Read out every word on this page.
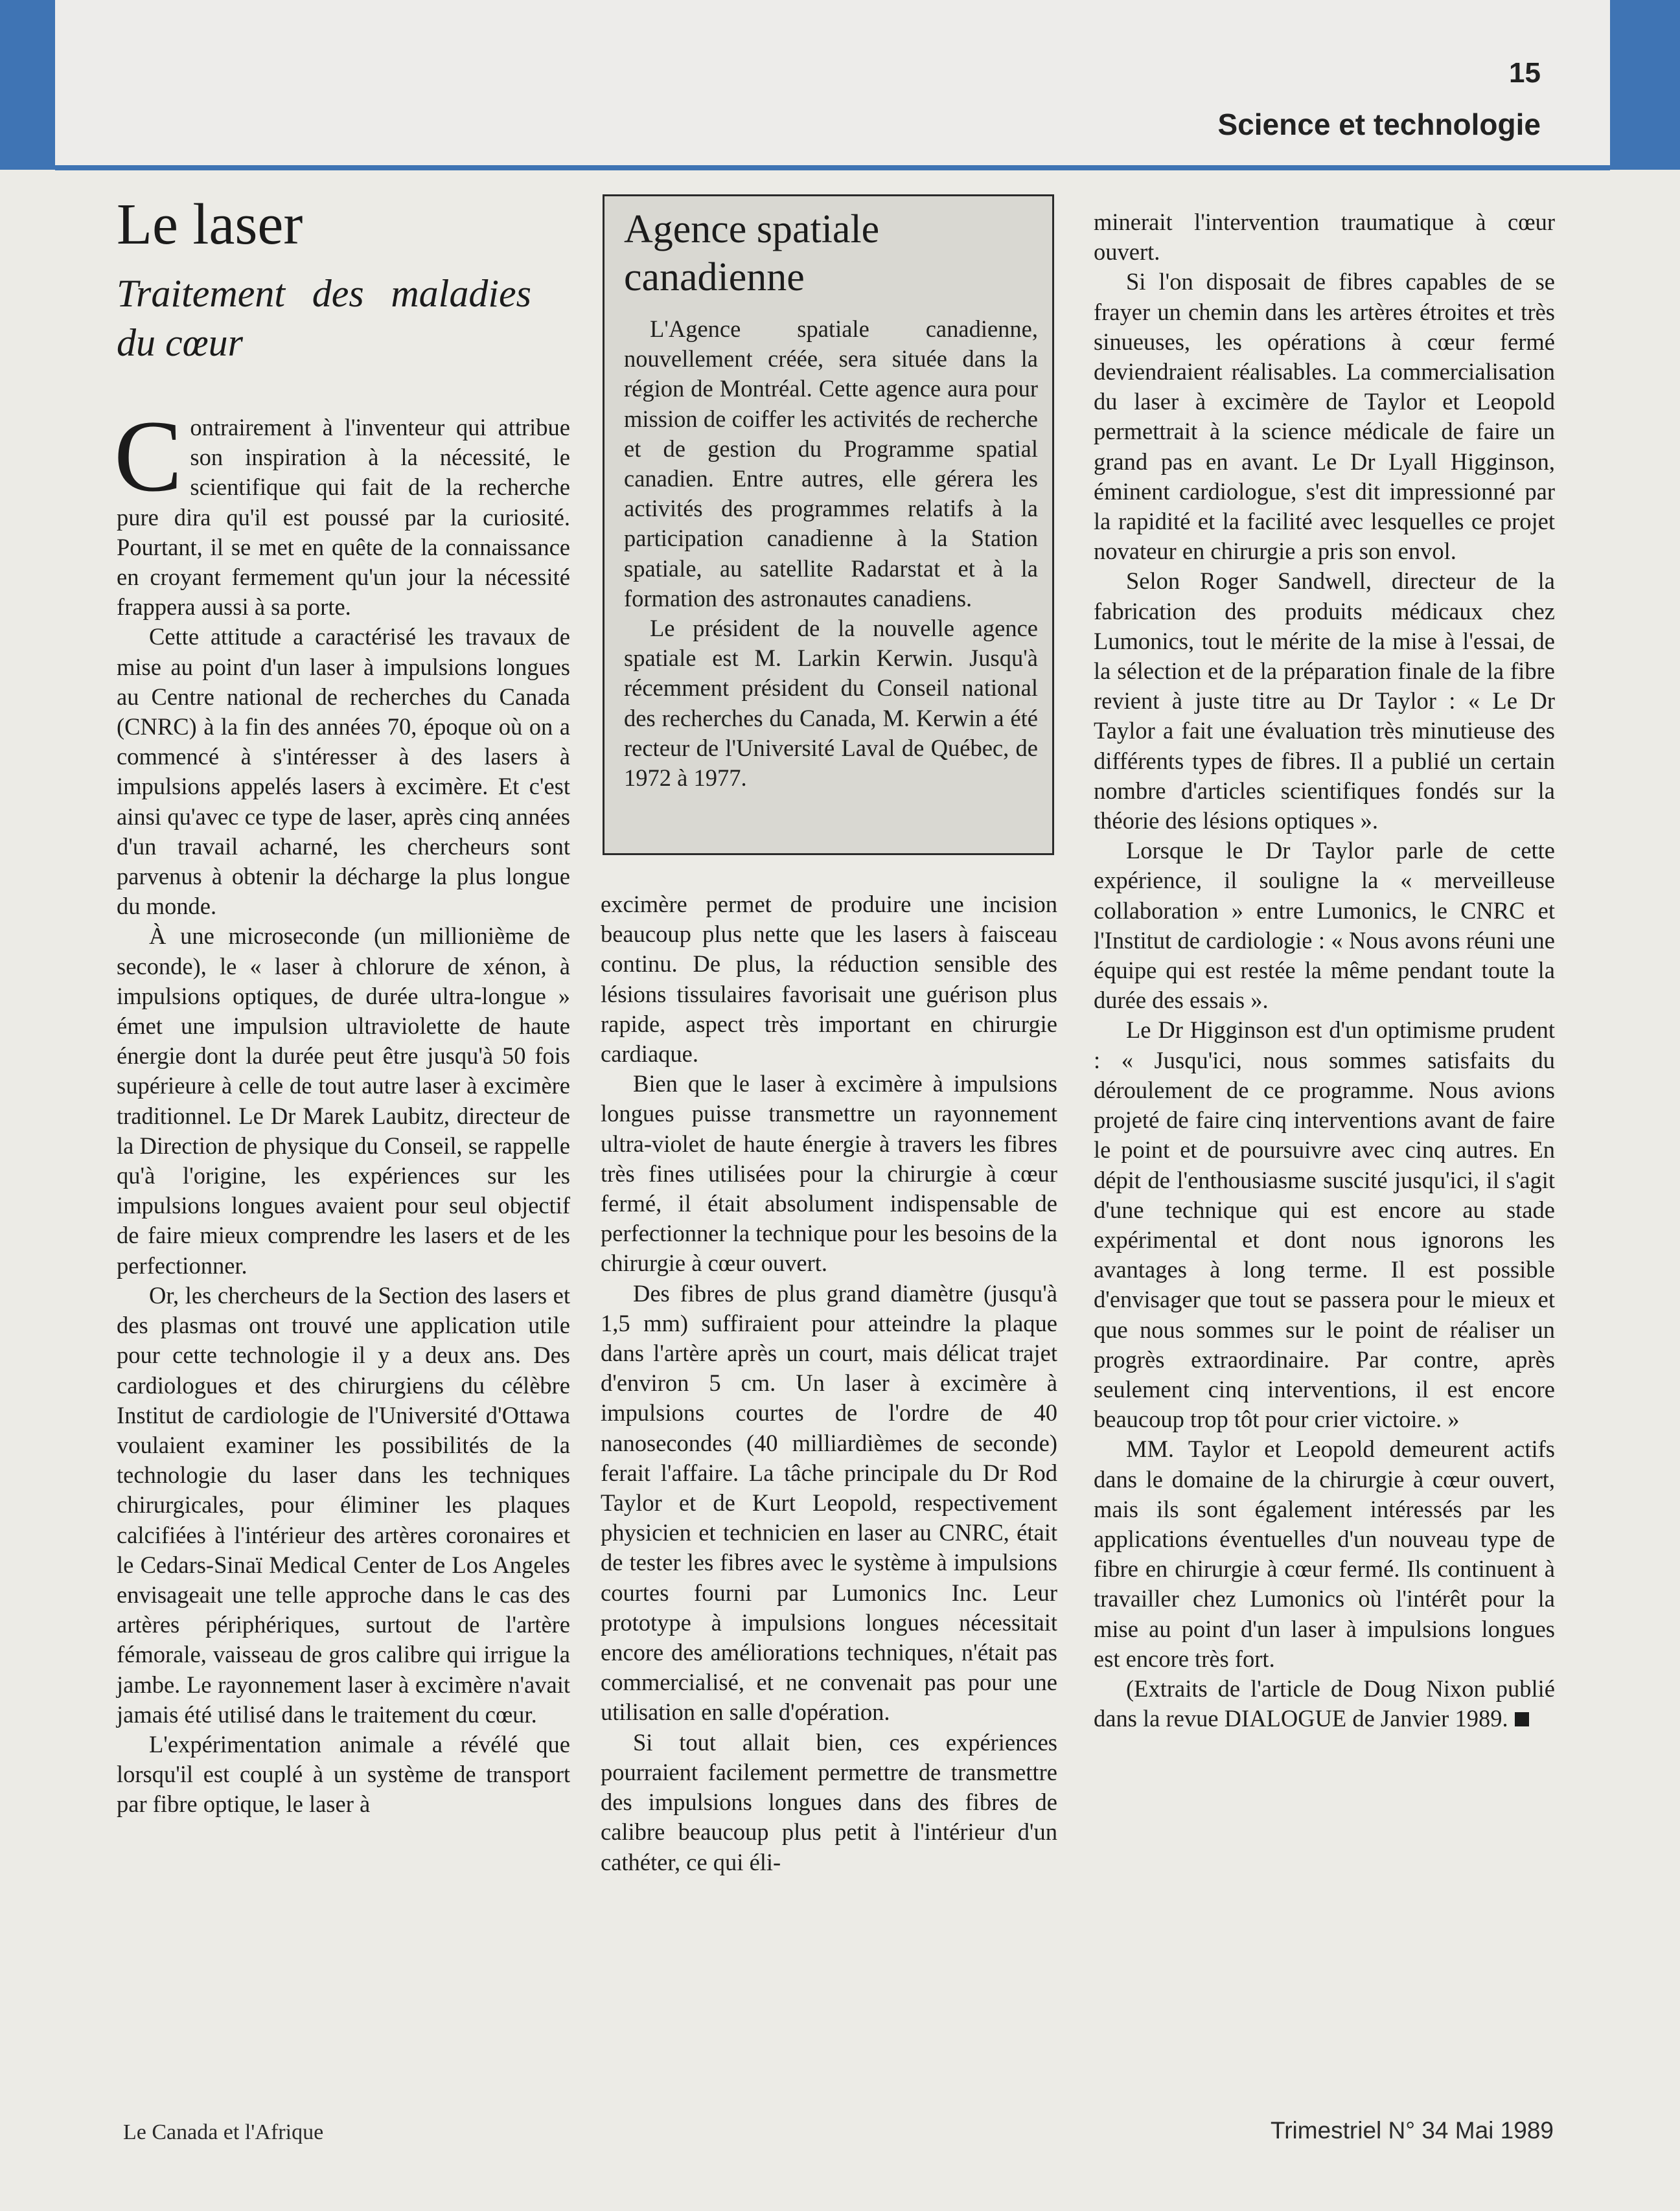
15
Science et technologie
Le laser
Traitement des maladies du cœur

Contrairement à l'inventeur qui attribue son inspiration à la nécessité, le scientifique qui fait de la recherche pure dira qu'il est poussé par la curiosité. Pourtant, il se met en quête de la connaissance en croyant fermement qu'un jour la nécessité frappera aussi à sa porte.

Cette attitude a caractérisé les travaux de mise au point d'un laser à impulsions longues au Centre national de recherches du Canada (CNRC) à la fin des années 70, époque où on a commencé à s'intéresser à des lasers à impulsions appelés lasers à excimère. Et c'est ainsi qu'avec ce type de laser, après cinq années d'un travail acharné, les chercheurs sont parvenus à obtenir la décharge la plus longue du monde.

À une microseconde (un millionième de seconde), le « laser à chlorure de xénon, à impulsions optiques, de durée ultra-longue » émet une impulsion ultraviolette de haute énergie dont la durée peut être jusqu'à 50 fois supérieure à celle de tout autre laser à excimère traditionnel. Le Dr Marek Laubitz, directeur de la Direction de physique du Conseil, se rappelle qu'à l'origine, les expériences sur les impulsions longues avaient pour seul objectif de faire mieux comprendre les lasers et de les perfectionner.

Or, les chercheurs de la Section des lasers et des plasmas ont trouvé une application utile pour cette technologie il y a deux ans. Des cardiologues et des chirurgiens du célèbre Institut de cardiologie de l'Université d'Ottawa voulaient examiner les possibilités de la technologie du laser dans les techniques chirurgicales, pour éliminer les plaques calcifiées à l'intérieur des artères coronaires et le Cedars-Sinaï Medical Center de Los Angeles envisageait une telle approche dans le cas des artères périphériques, surtout de l'artère fémorale, vaisseau de gros calibre qui irrigue la jambe. Le rayonnement laser à excimère n'avait jamais été utilisé dans le traitement du cœur.

L'expérimentation animale a révélé que lorsqu'il est couplé à un système de transport par fibre optique, le laser à

Agence spatiale canadienne

L'Agence spatiale canadienne, nouvellement créée, sera située dans la région de Montréal. Cette agence aura pour mission de coiffer les activités de recherche et de gestion du Programme spatial canadien. Entre autres, elle gérera les activités des programmes relatifs à la participation canadienne à la Station spatiale, au satellite Radarstat et à la formation des astronautes canadiens.

Le président de la nouvelle agence spatiale est M. Larkin Kerwin. Jusqu'à récemment président du Conseil national des recherches du Canada, M. Kerwin a été recteur de l'Université Laval de Québec, de 1972 à 1977.

excimère permet de produire une incision beaucoup plus nette que les lasers à faisceau continu. De plus, la réduction sensible des lésions tissulaires favorisait une guérison plus rapide, aspect très important en chirurgie cardiaque.

Bien que le laser à excimère à impulsions longues puisse transmettre un rayonnement ultra-violet de haute énergie à travers les fibres très fines utilisées pour la chirurgie à cœur fermé, il était absolument indispensable de perfectionner la technique pour les besoins de la chirurgie à cœur ouvert.

Des fibres de plus grand diamètre (jusqu'à 1,5 mm) suffiraient pour atteindre la plaque dans l'artère après un court, mais délicat trajet d'environ 5 cm. Un laser à excimère à impulsions courtes de l'ordre de 40 nanosecondes (40 milliardièmes de seconde) ferait l'affaire. La tâche principale du Dr Rod Taylor et de Kurt Leopold, respectivement physicien et technicien en laser au CNRC, était de tester les fibres avec le système à impulsions courtes fourni par Lumonics Inc. Leur prototype à impulsions longues nécessitait encore des améliorations techniques, n'était pas commercialisé, et ne convenait pas pour une utilisation en salle d'opération.

Si tout allait bien, ces expériences pourraient facilement permettre de transmettre des impulsions longues dans des fibres de calibre beaucoup plus petit à l'intérieur d'un cathéter, ce qui éli-

minerait l'intervention traumatique à cœur ouvert.

Si l'on disposait de fibres capables de se frayer un chemin dans les artères étroites et très sinueuses, les opérations à cœur fermé deviendraient réalisables. La commercialisation du laser à excimère de Taylor et Leopold permettrait à la science médicale de faire un grand pas en avant. Le Dr Lyall Higginson, éminent cardiologue, s'est dit impressionné par la rapidité et la facilité avec lesquelles ce projet novateur en chirurgie a pris son envol.

Selon Roger Sandwell, directeur de la fabrication des produits médicaux chez Lumonics, tout le mérite de la mise à l'essai, de la sélection et de la préparation finale de la fibre revient à juste titre au Dr Taylor : « Le Dr Taylor a fait une évaluation très minutieuse des différents types de fibres. Il a publié un certain nombre d'articles scientifiques fondés sur la théorie des lésions optiques ».

Lorsque le Dr Taylor parle de cette expérience, il souligne la « merveilleuse collaboration » entre Lumonics, le CNRC et l'Institut de cardiologie : « Nous avons réuni une équipe qui est restée la même pendant toute la durée des essais ».

Le Dr Higginson est d'un optimisme prudent : « Jusqu'ici, nous sommes satisfaits du déroulement de ce programme. Nous avions projeté de faire cinq interventions avant de faire le point et de poursuivre avec cinq autres. En dépit de l'enthousiasme suscité jusqu'ici, il s'agit d'une technique qui est encore au stade expérimental et dont nous ignorons les avantages à long terme. Il est possible d'envisager que tout se passera pour le mieux et que nous sommes sur le point de réaliser un progrès extraordinaire. Par contre, après seulement cinq interventions, il est encore beaucoup trop tôt pour crier victoire. »

MM. Taylor et Leopold demeurent actifs dans le domaine de la chirurgie à cœur ouvert, mais ils sont également intéressés par les applications éventuelles d'un nouveau type de fibre en chirurgie à cœur fermé. Ils continuent à travailler chez Lumonics où l'intérêt pour la mise au point d'un laser à impulsions longues est encore très fort.

(Extraits de l'article de Doug Nixon publié dans la revue DIALOGUE de Janvier 1989.

Le Canada et l'Afrique	Trimestriel N° 34 Mai 1989
